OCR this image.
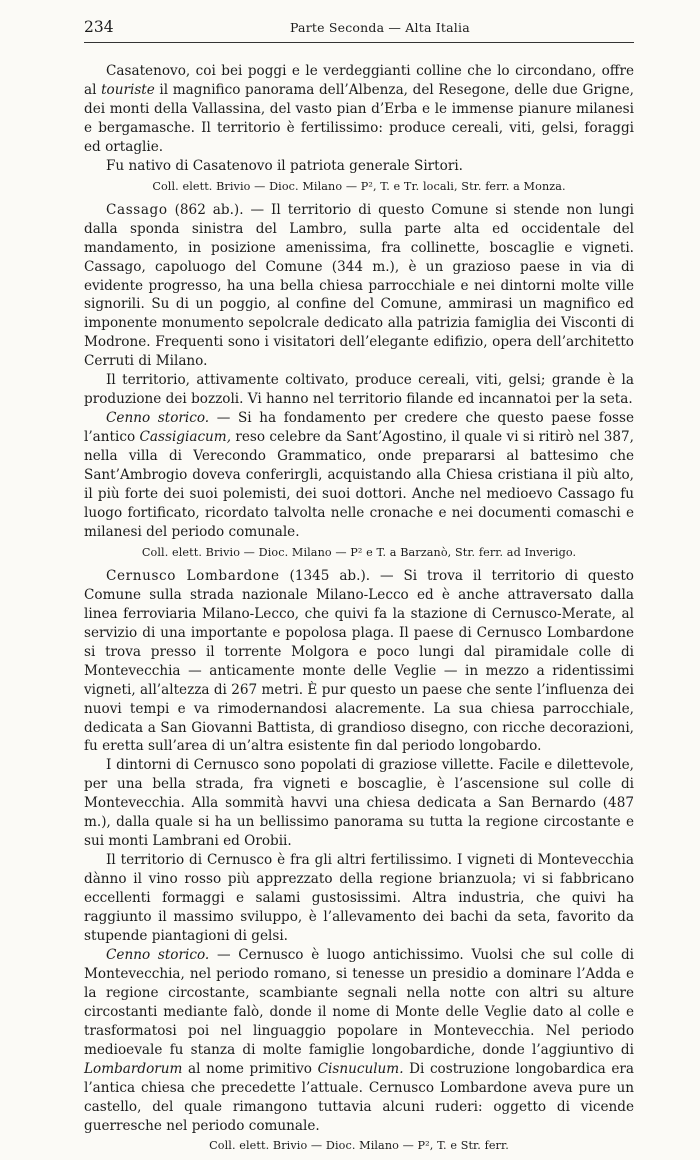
234	Parte Seconda — Alta Italia

Casatenovo, coi bei poggi e le verdeggianti colline che lo circondano, offre al touriste il magnifico panorama dell’Albenza, del Resegone, delle due Grigne, dei monti della Vallassina, del vasto pian d’Erba e le immense pianure milanesi e bergamasche. Il territorio è fertilissimo: produce cereali, viti, gelsi, foraggi ed ortaglie.

Fu nativo di Casatenovo il patriota generale Sirtori.

Coll. elett. Brivio — Dioc. Milano — P², T. e Tr. locali, Str. ferr. a Monza.

Cassago (862 ab.). — Il territorio di questo Comune si stende non lungi dalla sponda sinistra del Lambro, sulla parte alta ed occidentale del mandamento, in posizione amenissima, fra collinette, boscaglie e vigneti. Cassago, capoluogo del Comune (344 m.), è un grazioso paese in via di evidente progresso, ha una bella chiesa parrocchiale e nei dintorni molte ville signorili. Su di un poggio, al confine del Comune, ammirasi un magnifico ed imponente monumento sepolcrale dedicato alla patrizia famiglia dei Visconti di Modrone. Frequenti sono i visitatori dell’elegante edifizio, opera dell’architetto Cerruti di Milano.

Il territorio, attivamente coltivato, produce cereali, viti, gelsi; grande è la produzione dei bozzoli. Vi hanno nel territorio filande ed incannatoi per la seta.

Cenno storico. — Si ha fondamento per credere che questo paese fosse l’antico Cassigiacum, reso celebre da Sant’Agostino, il quale vi si ritirò nel 387, nella villa di Verecondo Grammatico, onde prepararsi al battesimo che Sant’Ambrogio doveva conferirgli, acquistando alla Chiesa cristiana il più alto, il più forte dei suoi polemisti, dei suoi dottori. Anche nel medioevo Cassago fu luogo fortificato, ricordato talvolta nelle cronache e nei documenti comaschi e milanesi del periodo comunale.

Coll. elett. Brivio — Dioc. Milano — P² e T. a Barzanò, Str. ferr. ad Inverigo.

Cernusco Lombardone (1345 ab.). — Si trova il territorio di questo Comune sulla strada nazionale Milano-Lecco ed è anche attraversato dalla linea ferroviaria Milano-Lecco, che quivi fa la stazione di Cernusco-Merate, al servizio di una importante e popolosa plaga. Il paese di Cernusco Lombardone si trova presso il torrente Molgora e poco lungi dal piramidale colle di Montevecchia — anticamente monte delle Veglie — in mezzo a ridentissimi vigneti, all’altezza di 267 metri. È pur questo un paese che sente l’influenza dei nuovi tempi e va rimodernandosi alacremente. La sua chiesa parrocchiale, dedicata a San Giovanni Battista, di grandioso disegno, con ricche decorazioni, fu eretta sull’area di un’altra esistente fin dal periodo longobardo.

I dintorni di Cernusco sono popolati di graziose villette. Facile e dilettevole, per una bella strada, fra vigneti e boscaglie, è l’ascensione sul colle di Montevecchia. Alla sommità havvi una chiesa dedicata a San Bernardo (487 m.), dalla quale si ha un bellissimo panorama su tutta la regione circostante e sui monti Lambrani ed Orobii.

Il territorio di Cernusco è fra gli altri fertilissimo. I vigneti di Montevecchia dànno il vino rosso più apprezzato della regione brianzuola; vi si fabbricano eccellenti formaggi e salami gustosissimi. Altra industria, che quivi ha raggiunto il massimo sviluppo, è l’allevamento dei bachi da seta, favorito da stupende piantagioni di gelsi.

Cenno storico. — Cernusco è luogo antichissimo. Vuolsi che sul colle di Montevecchia, nel periodo romano, si tenesse un presidio a dominare l’Adda e la regione circostante, scambiante segnali nella notte con altri su alture circostanti mediante falò, donde il nome di Monte delle Veglie dato al colle e trasformatosi poi nel linguaggio popolare in Montevecchia. Nel periodo medioevale fu stanza di molte famiglie longobardiche, donde l’aggiuntivo di Lombardorum al nome primitivo Cisnuculum. Di costruzione longobardica era l’antica chiesa che precedette l’attuale. Cernusco Lombardone aveva pure un castello, del quale rimangono tuttavia alcuni ruderi: oggetto di vicende guerresche nel periodo comunale.

Coll. elett. Brivio — Dioc. Milano — P², T. e Str. ferr.
